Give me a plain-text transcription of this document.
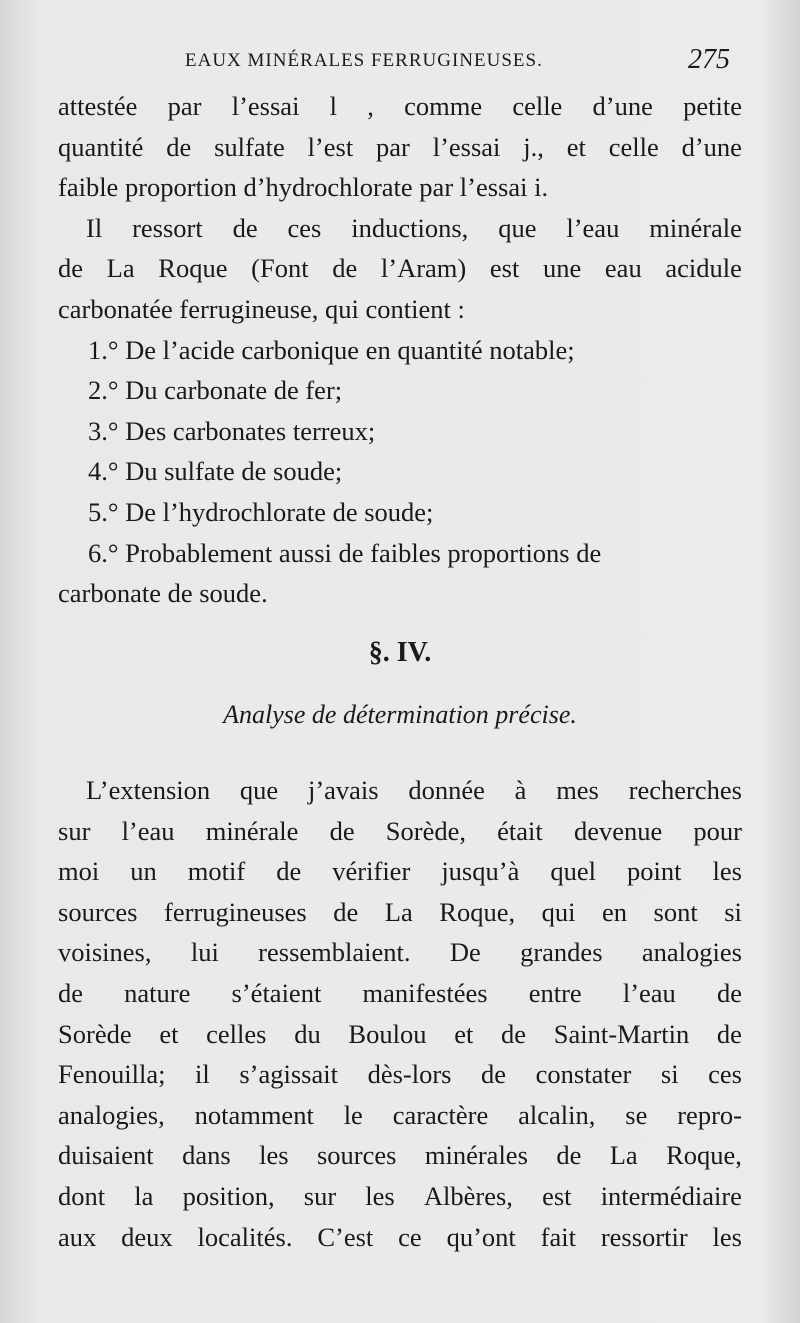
EAUX MINÉRALES FERRUGINEUSES.	275
attestée par l’essai l , comme celle d’une petite
quantité de sulfate l’est par l’essai j., et celle d’une
faible proportion d’hydrochlorate par l’essai i.
Il ressort de ces inductions, que l’eau minérale
de La Roque (Font de l’Aram) est une eau acidule
carbonatée ferrugineuse, qui contient :
1.° De l’acide carbonique en quantité notable;
2.° Du carbonate de fer;
3.° Des carbonates terreux;
4.° Du sulfate de soude;
5.° De l’hydrochlorate de soude;
6.° Probablement aussi de faibles proportions de
carbonate de soude.
§. IV.
Analyse de détermination précise.
L’extension que j’avais donnée à mes recherches
sur l’eau minérale de Sorède, était devenue pour
moi un motif de vérifier jusqu’à quel point les
sources ferrugineuses de La Roque, qui en sont si
voisines, lui ressemblaient. De grandes analogies
de nature s’étaient manifestées entre l’eau de
Sorède et celles du Boulou et de Saint-Martin de
Fenouilla; il s’agissait dès-lors de constater si ces
analogies, notamment le caractère alcalin, se repro-
duisaient dans les sources minérales de La Roque,
dont la position, sur les Albères, est intermédiaire
aux deux localités. C’est ce qu’ont fait ressortir les
